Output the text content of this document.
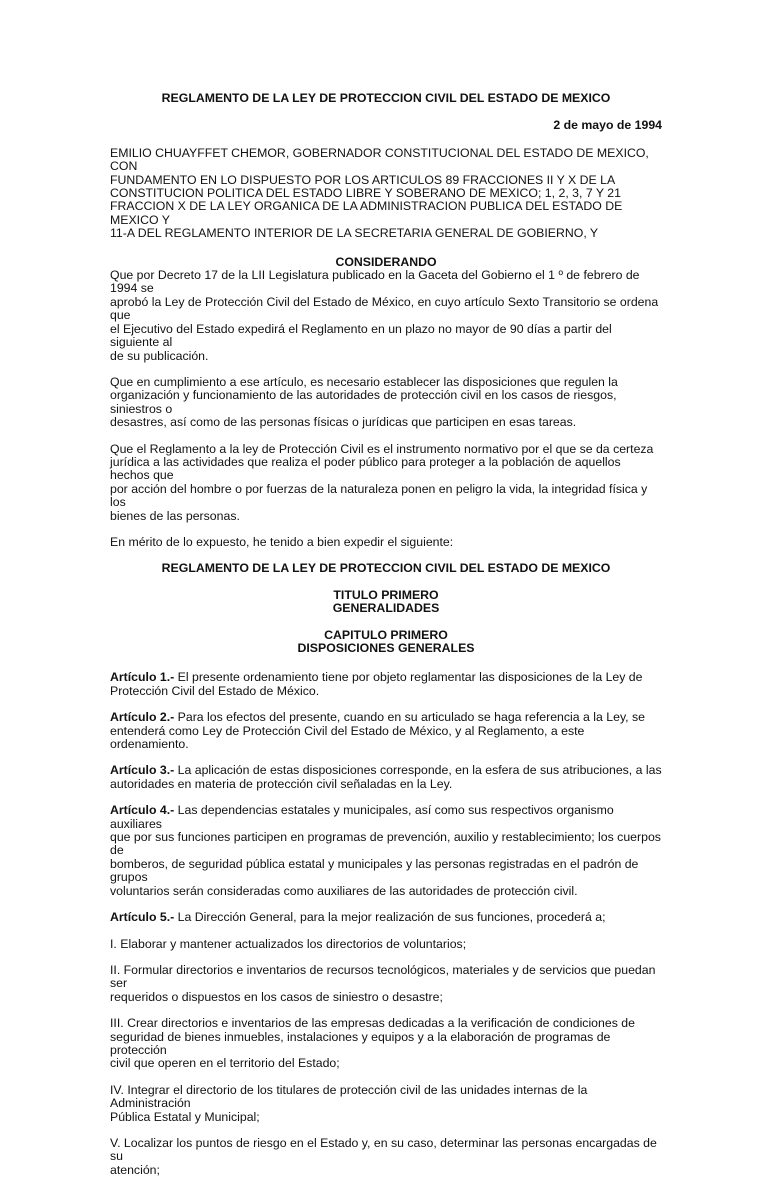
REGLAMENTO DE LA LEY DE PROTECCION CIVIL DEL ESTADO DE MEXICO

2 de mayo de 1994

EMILIO CHUAYFFET CHEMOR, GOBERNADOR CONSTITUCIONAL DEL ESTADO DE MEXICO, CON
FUNDAMENTO EN LO DISPUESTO POR LOS ARTICULOS 89 FRACCIONES II Y X DE LA
CONSTITUCION POLITICA DEL ESTADO LIBRE Y SOBERANO DE MEXICO; 1, 2, 3, 7 Y 21
FRACCION X DE LA LEY ORGANICA DE LA ADMINISTRACION PUBLICA DEL ESTADO DE MEXICO Y
11-A DEL REGLAMENTO INTERIOR DE LA SECRETARIA GENERAL DE GOBIERNO, Y

CONSIDERANDO

Que por Decreto 17 de la LII Legislatura publicado en la Gaceta del Gobierno el 1 º de febrero de 1994 se
aprobó la Ley de Protección Civil del Estado de México, en cuyo artículo Sexto Transitorio se ordena que
el Ejecutivo del Estado expedirá el Reglamento en un plazo no mayor de 90 días a partir del siguiente al
de su publicación.

Que en cumplimiento a ese artículo, es necesario establecer las disposiciones que regulen la
organización y funcionamiento de las autoridades de protección civil en los casos de riesgos, siniestros o
desastres, así como de las personas físicas o jurídicas que participen en esas tareas.

Que el Reglamento a la ley de Protección Civil es el instrumento normativo por el que se da certeza
jurídica a las actividades que realiza el poder público para proteger a la población de aquellos hechos que
por acción del hombre o por fuerzas de la naturaleza ponen en peligro la vida, la integridad física y los
bienes de las personas.

En mérito de lo expuesto, he tenido a bien expedir el siguiente:

REGLAMENTO DE LA LEY DE PROTECCION CIVIL DEL ESTADO DE MEXICO

TITULO PRIMERO
GENERALIDADES

CAPITULO PRIMERO
DISPOSICIONES GENERALES

Artículo 1.- El presente ordenamiento tiene por objeto reglamentar las disposiciones de la Ley de
Protección Civil del Estado de México.

Artículo 2.- Para los efectos del presente, cuando en su articulado se haga referencia a la Ley, se
entenderá como Ley de Protección Civil del Estado de México, y al Reglamento, a este ordenamiento.

Artículo 3.- La aplicación de estas disposiciones corresponde, en la esfera de sus atribuciones, a las
autoridades en materia de protección civil señaladas en la Ley.

Artículo 4.- Las dependencias estatales y municipales, así como sus respectivos organismo auxiliares
que por sus funciones participen en programas de prevención, auxilio y restablecimiento; los cuerpos de
bomberos, de seguridad pública estatal y municipales y las personas registradas en el padrón de grupos
voluntarios serán consideradas como auxiliares de las autoridades de protección civil.

Artículo 5.- La Dirección General, para la mejor realización de sus funciones, procederá a;

I. Elaborar y mantener actualizados los directorios de voluntarios;

II. Formular directorios e inventarios de recursos tecnológicos, materiales y de servicios que puedan ser
requeridos o dispuestos en los casos de siniestro o desastre;

III. Crear directorios e inventarios de las empresas dedicadas a la verificación de condiciones de
seguridad de bienes inmuebles, instalaciones y equipos y a la elaboración de programas de protección
civil que operen en el territorio del Estado;

IV. Integrar el directorio de los titulares de protección civil de las unidades internas de la Administración
Pública Estatal y Municipal;

V. Localizar los puntos de riesgo en el Estado y, en su caso, determinar las personas encargadas de su
atención;
